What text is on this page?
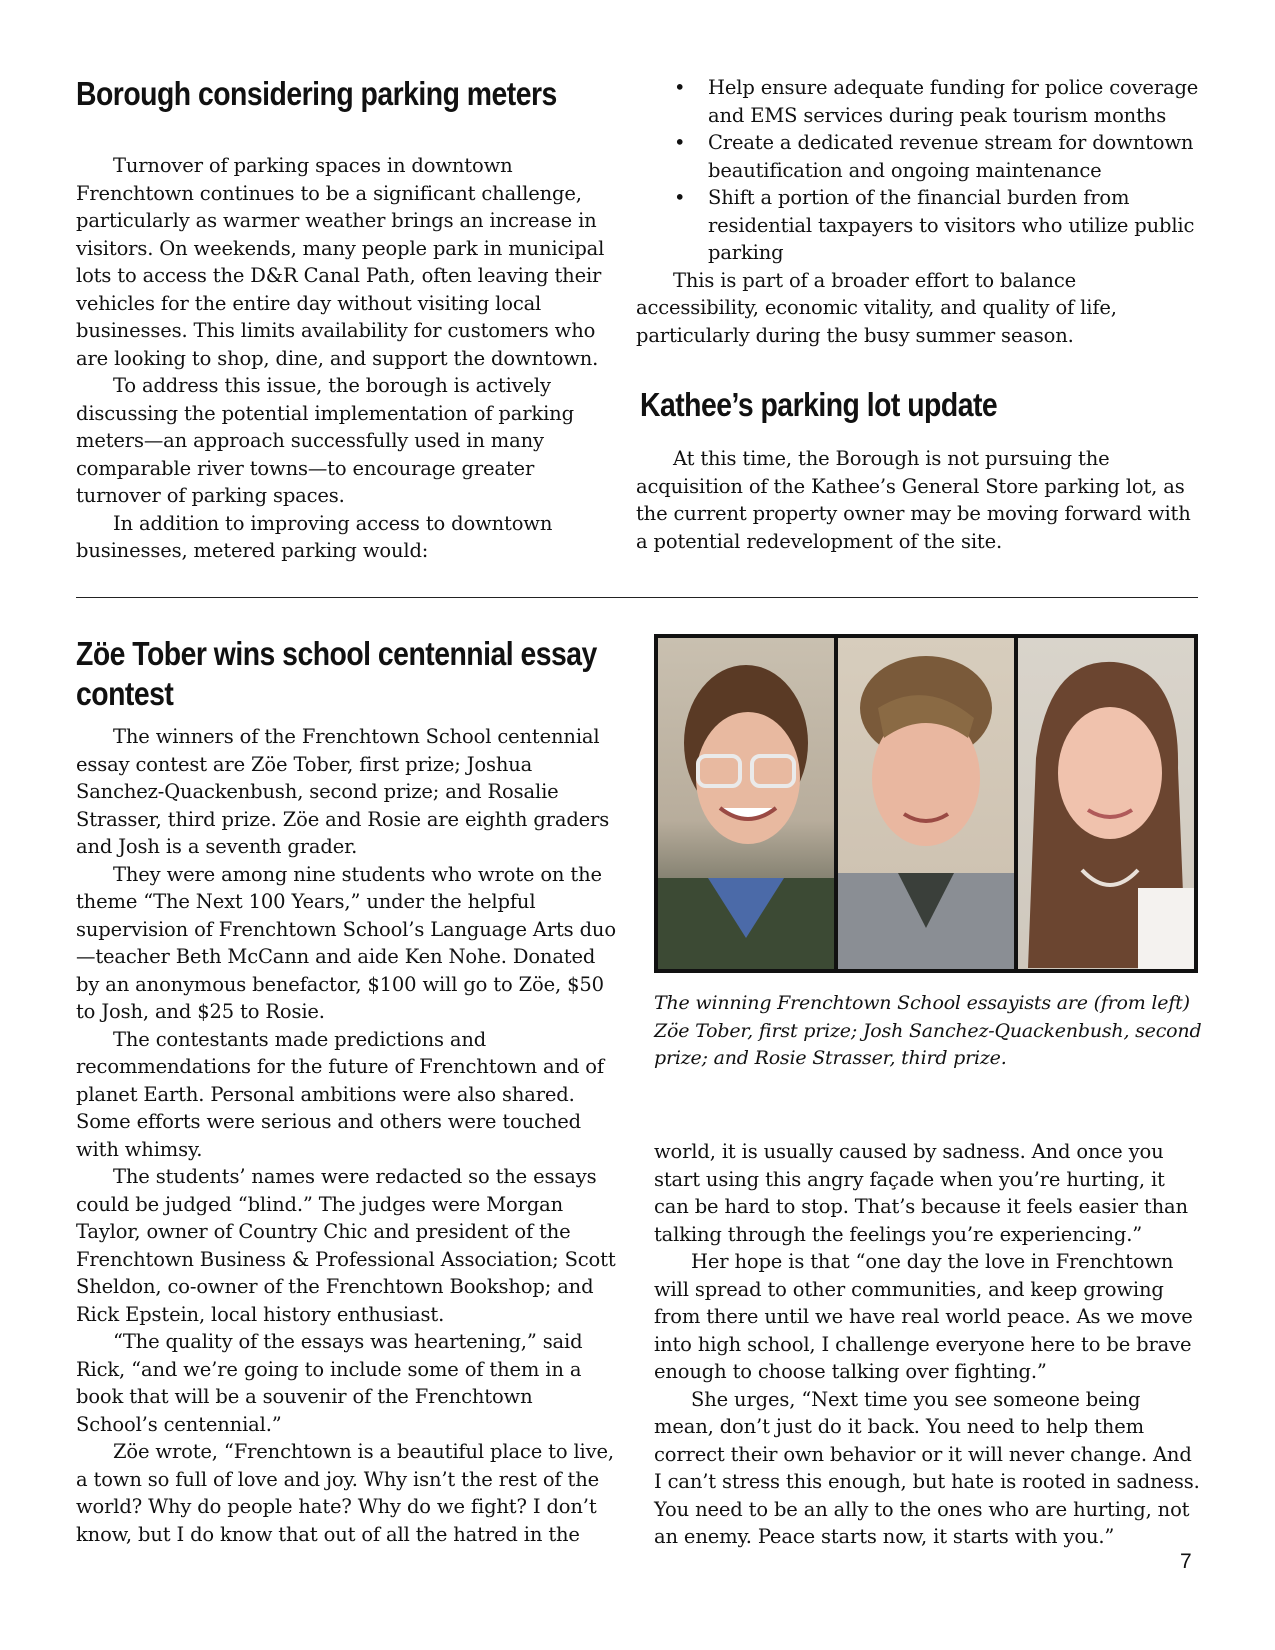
Borough considering parking meters

Turnover of parking spaces in downtown Frenchtown continues to be a significant challenge, particularly as warmer weather brings an increase in visitors. On weekends, many people park in municipal lots to access the D&R Canal Path, often leaving their vehicles for the entire day without visiting local businesses. This limits availability for customers who are looking to shop, dine, and support the downtown.

To address this issue, the borough is actively discussing the potential implementation of parking meters—an approach successfully used in many comparable river towns—to encourage greater turnover of parking spaces.

In addition to improving access to downtown businesses, metered parking would:

• Help ensure adequate funding for police coverage and EMS services during peak tourism months
• Create a dedicated revenue stream for downtown beautification and ongoing maintenance
• Shift a portion of the financial burden from residential taxpayers to visitors who utilize public parking

This is part of a broader effort to balance accessibility, economic vitality, and quality of life, particularly during the busy summer season.

Kathee’s parking lot update

At this time, the Borough is not pursuing the acquisition of the Kathee’s General Store parking lot, as the current property owner may be moving forward with a potential redevelopment of the site.

Zöe Tober wins school centennial essay
contest

The winners of the Frenchtown School centennial essay contest are Zöe Tober, first prize; Joshua Sanchez-Quackenbush, second prize; and Rosalie Strasser, third prize. Zöe and Rosie are eighth graders and Josh is a seventh grader.

They were among nine students who wrote on the theme “The Next 100 Years,” under the helpful supervision of Frenchtown School’s Language Arts duo—teacher Beth McCann and aide Ken Nohe. Donated by an anonymous benefactor, $100 will go to Zöe, $50 to Josh, and $25 to Rosie.

The contestants made predictions and recommendations for the future of Frenchtown and of planet Earth. Personal ambitions were also shared. Some efforts were serious and others were touched with whimsy.

The students’ names were redacted so the essays could be judged “blind.” The judges were Morgan Taylor, owner of Country Chic and president of the Frenchtown Business & Professional Association; Scott Sheldon, co-owner of the Frenchtown Bookshop; and Rick Epstein, local history enthusiast.

“The quality of the essays was heartening,” said Rick, “and we’re going to include some of them in a book that will be a souvenir of the Frenchtown School’s centennial.”

Zöe wrote, “Frenchtown is a beautiful place to live, a town so full of love and joy. Why isn’t the rest of the world? Why do people hate? Why do we fight? I don’t know, but I do know that out of all the hatred in the

The winning Frenchtown School essayists are (from left) Zöe Tober, first prize; Josh Sanchez-Quackenbush, second prize; and Rosie Strasser, third prize.

world, it is usually caused by sadness. And once you start using this angry façade when you’re hurting, it can be hard to stop. That’s because it feels easier than talking through the feelings you’re experiencing.”

Her hope is that “one day the love in Frenchtown will spread to other communities, and keep growing from there until we have real world peace. As we move into high school, I challenge everyone here to be brave enough to choose talking over fighting.”

She urges, “Next time you see someone being mean, don’t just do it back. You need to help them correct their own behavior or it will never change. And I can’t stress this enough, but hate is rooted in sadness. You need to be an ally to the ones who are hurting, not an enemy. Peace starts now, it starts with you.”

7
